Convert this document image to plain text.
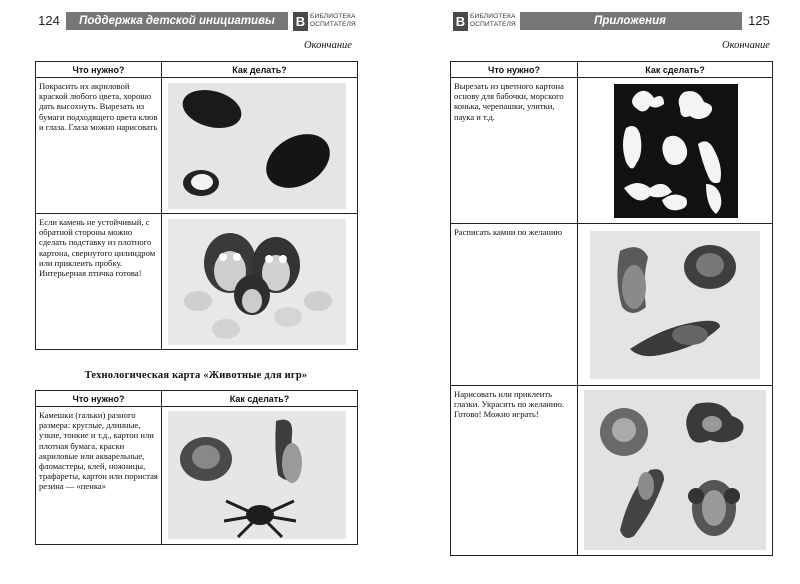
124	Поддержка детской инициативы	В БИБЛИОТЕКА
ОСПИТАТЕЛЯ
Окончание
Что нужно?	Как делать?
Покрасить их акриловой краской любого цвета, хорошо дать высохнуть. Вырезать из бумаги подходящего цвета клюв и глаза. Глаза можно нарисовать	

Если камень не устойчивый, с обратной стороны можно сделать подставку из плотного картона, свернутого цилиндром или приклеить пробку. Интерьерная птичка готова!	
Технологическая карта «Животные для игр»
Что нужно?	Как сделать?
Камешки (гальки) разного размера: круглые, длинные, узкие, тонкие и т.д., картон или плотная бумага, краски акриловые или акварельные, фломастеры, клей, ножницы, трафареты, картон или пористая резина — «пенка»	
В БИБЛИОТЕКА
ОСПИТАТЕЛЯ	Приложения	125
Окончание
Что нужно?	Как сделать?
Вырезать из цветного картона основу для бабочки, морского конька, черепашки, улитки, паука и т.д.	

Расписать камни по желанию	

Нарисовать или приклеить глазки. Украсить по желанию. Готово! Можно играть!	
